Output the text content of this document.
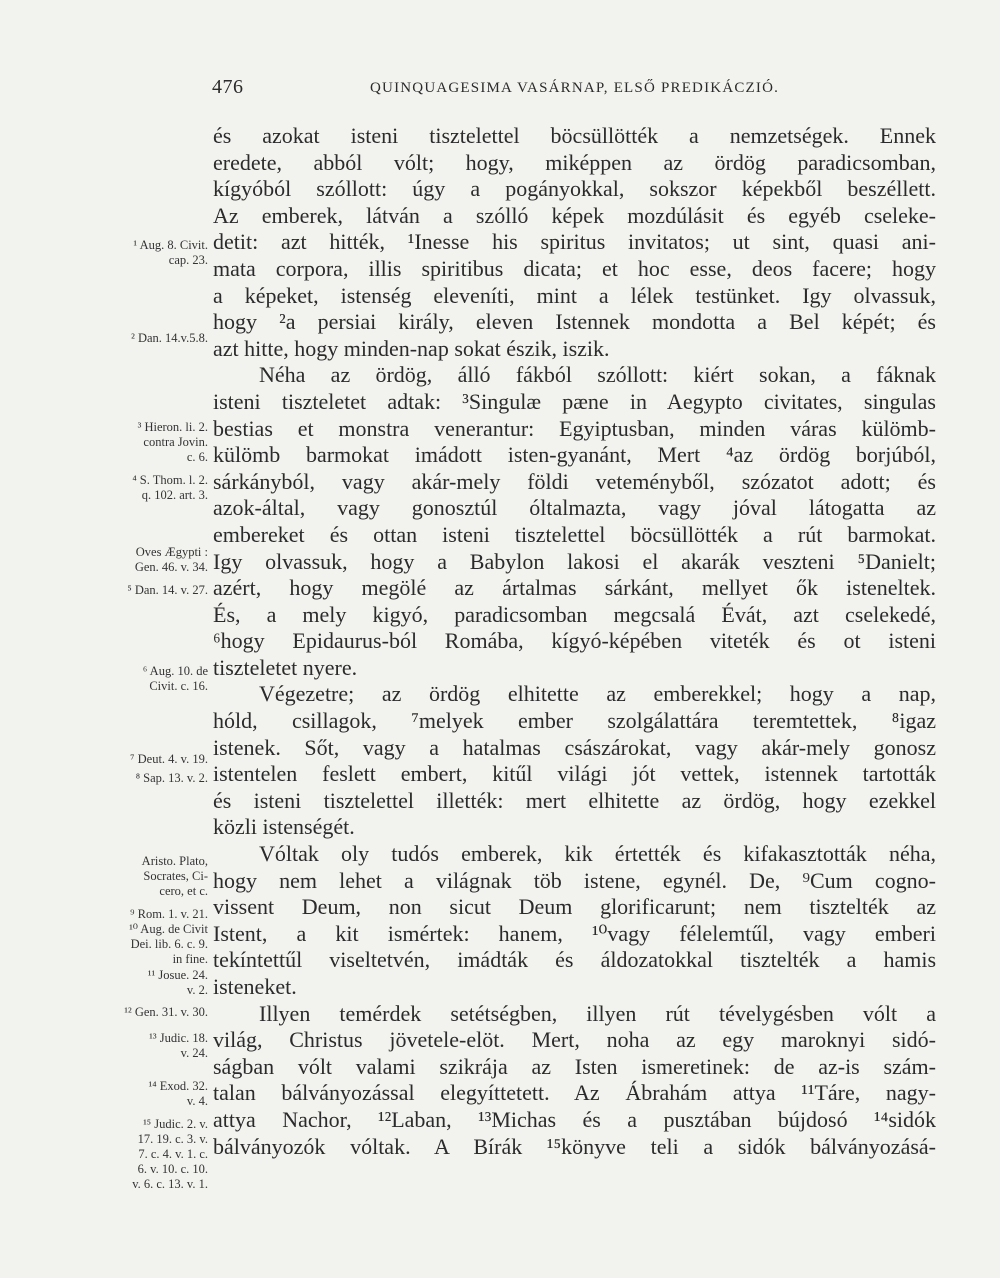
476	QUINQUAGESIMA VASÁRNAP, ELSŐ PREDIKÁCZIÓ.
és azokat isteni tisztelettel böcsüllötték a nemzetségek. Ennek
eredete, abból vólt; hogy, miképpen az ördög paradicsomban,
kígyóból szóllott: úgy a pogányokkal, sokszor képekből beszéllett.
Az emberek, látván a szólló képek mozdúlásit és egyéb cseleke-
detit: azt hitték, ¹Inesse his spiritus invitatos; ut sint, quasi ani-
mata corpora, illis spiritibus dicata; et hoc esse, deos facere; hogy
a képeket, istenség eleveníti, mint a lélek testünket. Igy olvassuk,
hogy ²a persiai király, eleven Istennek mondotta a Bel képét; és
azt hitte, hogy minden-nap sokat észik, iszik.
Néha az ördög, álló fákból szóllott: kiért sokan, a fáknak
isteni tiszteletet adtak: ³Singulæ pæne in Aegypto civitates, singulas
bestias et monstra venerantur: Egyiptusban, minden váras külömb-
külömb barmokat imádott isten-gyanánt, Mert ⁴az ördög borjúból,
sárkányból, vagy akár-mely földi veteményből, szózatot adott; és
azok-által, vagy gonosztúl óltalmazta, vagy jóval látogatta az
embereket és ottan isteni tisztelettel böcsüllötték a rút barmokat.
Igy olvassuk, hogy a Babylon lakosi el akarák veszteni ⁵Danielt;
azért, hogy megölé az ártalmas sárkánt, mellyet ők isteneltek.
És, a mely kigyó, paradicsomban megcsalá Évát, azt cselekedé,
⁶hogy Epidaurus-ból Romába, kígyó-képében viteték és ot isteni
tiszteletet nyere.
Végezetre; az ördög elhitette az emberekkel; hogy a nap,
hóld, csillagok, ⁷melyek ember szolgálattára teremtettek, ⁸igaz
istenek. Sőt, vagy a hatalmas császárokat, vagy akár-mely gonosz
istentelen feslett embert, kitűl világi jót vettek, istennek tartották
és isteni tisztelettel illették: mert elhitette az ördög, hogy ezekkel
közli istenségét.
Vóltak oly tudós emberek, kik értették és kifakasztották néha,
hogy nem lehet a világnak töb istene, egynél. De, ⁹Cum cogno-
vissent Deum, non sicut Deum glorificarunt; nem tisztelték az
Istent, a kit ismértek: hanem, ¹⁰vagy félelemtűl, vagy emberi
tekíntettűl viseltetvén, imádták és áldozatokkal tisztelték a hamis
isteneket.
Illyen temérdek setétségben, illyen rút tévelygésben vólt a
világ, Christus jövetele-elöt. Mert, noha az egy maroknyi sidó-
ságban vólt valami szikrája az Isten ismeretinek: de az-is szám-
talan bálványozással elegyíttetett. Az Ábrahám attya ¹¹Táre, nagy-
attya Nachor, ¹²Laban, ¹³Michas és a pusztában bújdosó ¹⁴sidók
bálványozók vóltak. A Bírák ¹⁵könyve teli a sidók bálványozásá-
¹ Aug. 8. Civit.
cap. 23.
² Dan. 14.v.5.8.
³ Hieron. li. 2.
contra Jovin.
c. 6.
⁴ S. Thom. l. 2.
q. 102. art. 3.
Oves Ægypti :
Gen. 46. v. 34.
⁵ Dan. 14. v. 27.
⁶ Aug. 10. de
Civit. c. 16.
⁷ Deut. 4. v. 19.
⁸ Sap. 13. v. 2.
Aristo. Plato,
Socrates, Ci-
cero, et c.
⁹ Rom. 1. v. 21.
¹⁰ Aug. de Civit
Dei. lib. 6. c. 9.
in fine.
¹¹ Josue. 24.
v. 2.
¹² Gen. 31. v. 30.
¹³ Judic. 18.
v. 24.
¹⁴ Exod. 32.
v. 4.
¹⁵ Judic. 2. v.
17. 19. c. 3. v.
7. c. 4. v. 1. c.
6. v. 10. c. 10.
v. 6. c. 13. v. 1.
